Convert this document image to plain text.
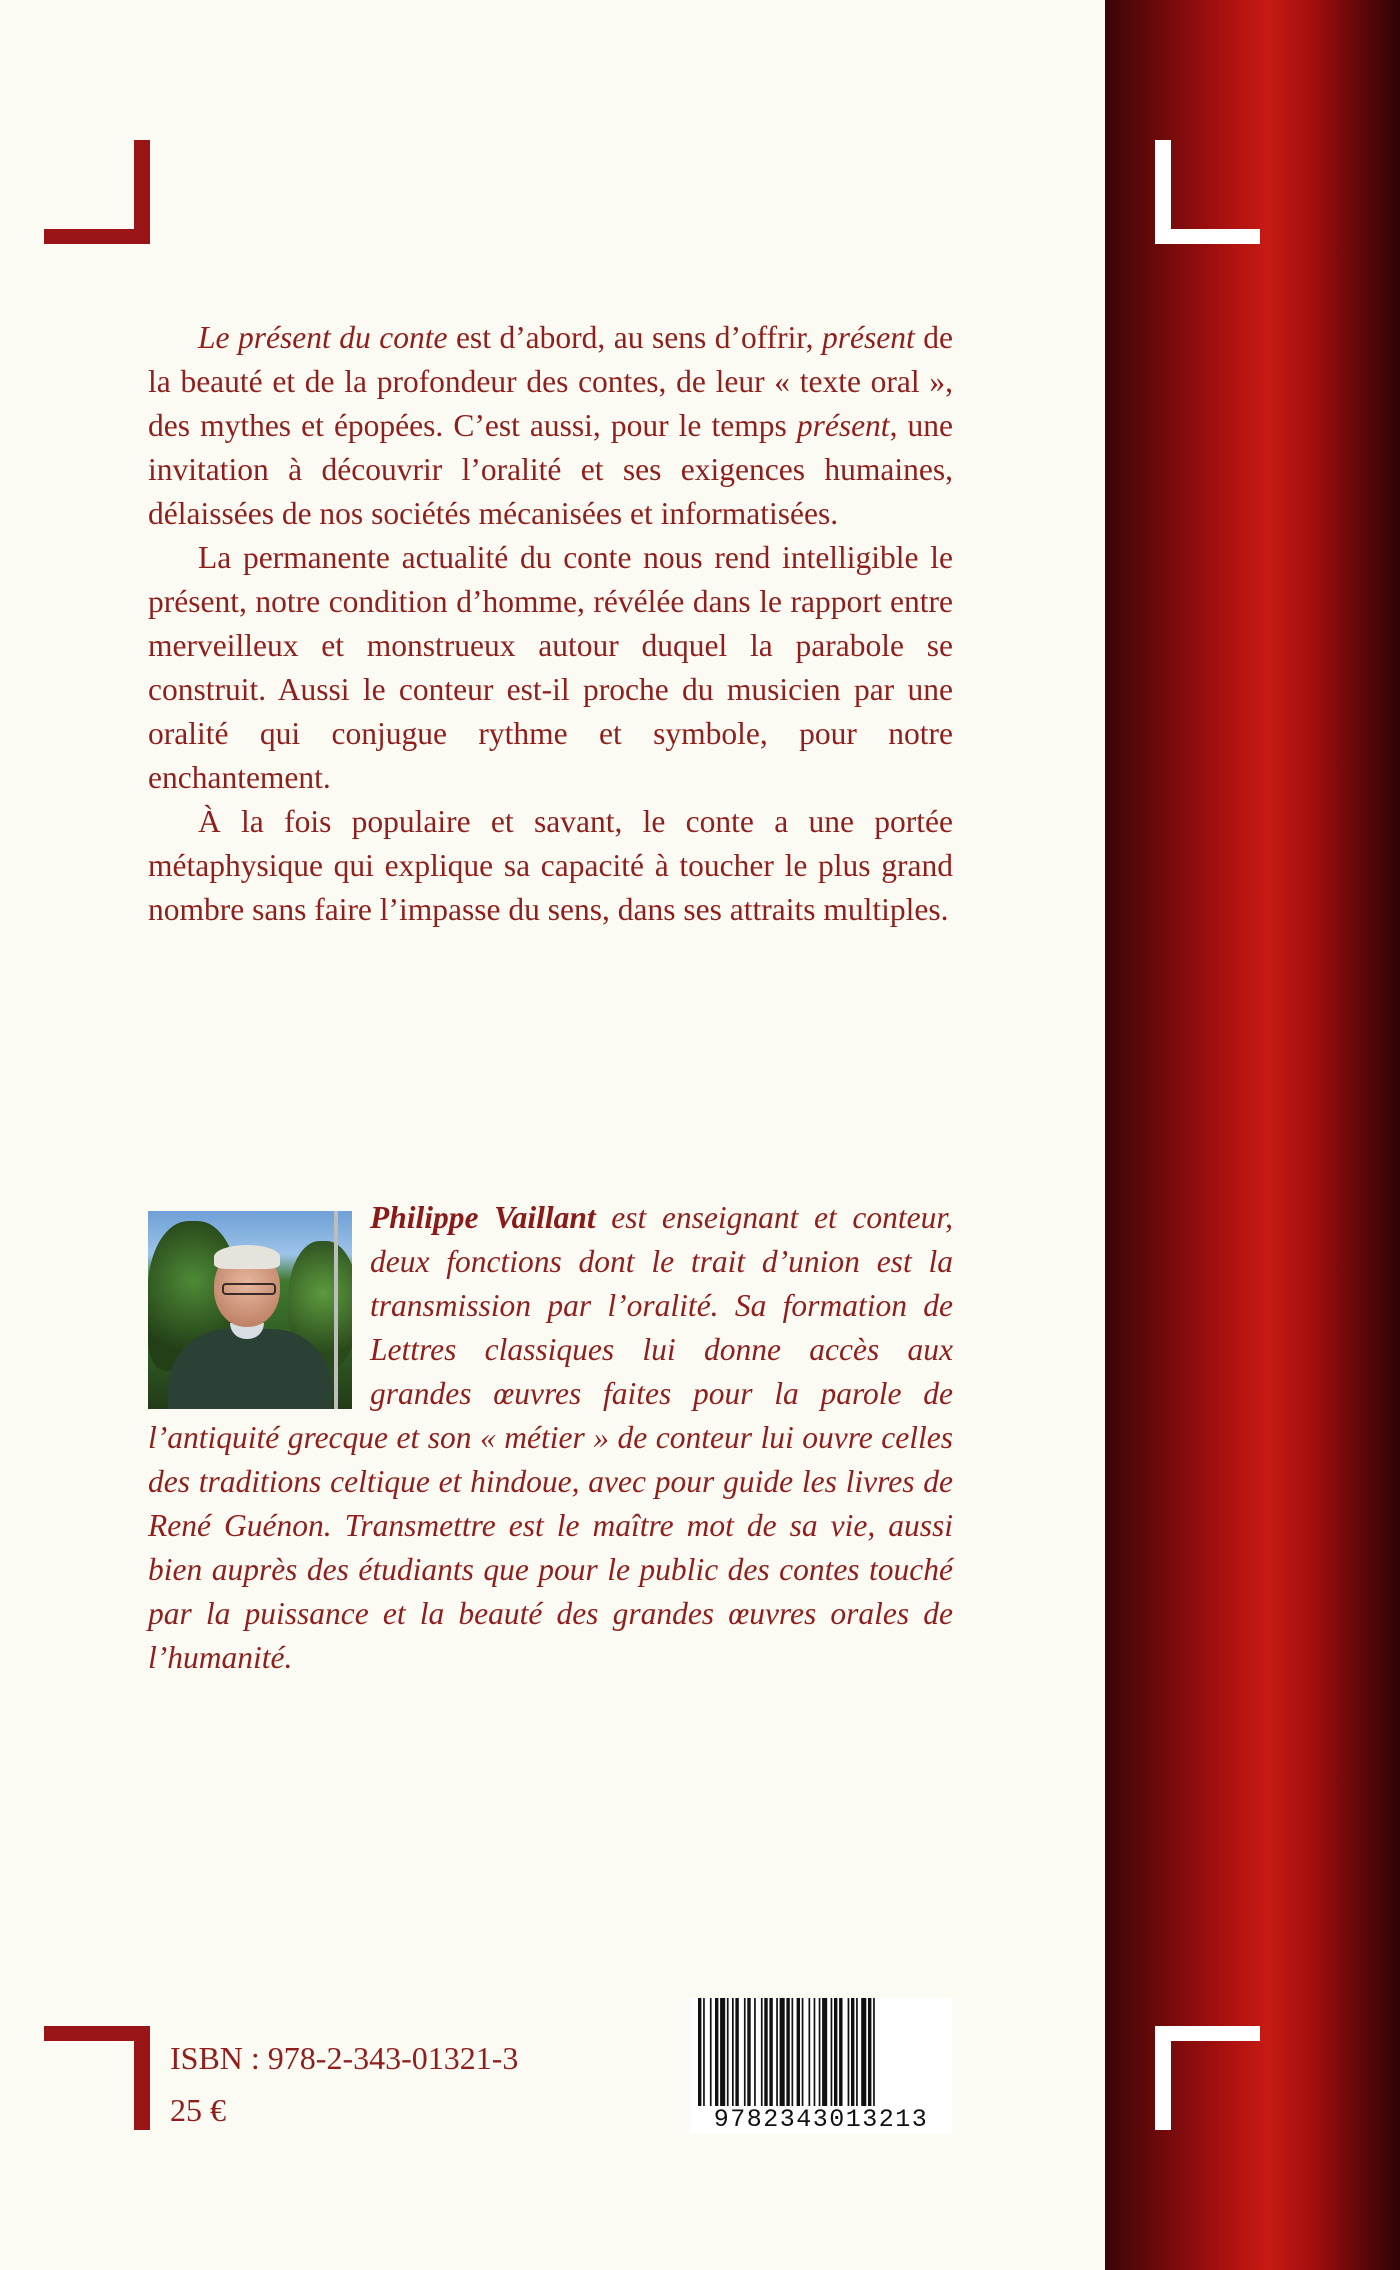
Le présent du conte est d’abord, au sens d’offrir, présent de la beauté et de la profondeur des contes, de leur « texte oral », des mythes et épopées. C’est aussi, pour le temps présent, une invitation à découvrir l’oralité et ses exigences humaines, délaissées de nos sociétés mécanisées et informatisées.

La permanente actualité du conte nous rend intelligible le présent, notre condition d’homme, révélée dans le rapport entre merveilleux et monstrueux autour duquel la parabole se construit. Aussi le conteur est-il proche du musicien par une oralité qui conjugue rythme et symbole, pour notre enchantement.

À la fois populaire et savant, le conte a une portée métaphysique qui explique sa capacité à toucher le plus grand nombre sans faire l’impasse du sens, dans ses attraits multiples.

Philippe Vaillant est enseignant et conteur, deux fonctions dont le trait d’union est la transmission par l’oralité. Sa formation de Lettres classiques lui donne accès aux grandes œuvres faites pour la parole de l’antiquité grecque et son « métier » de conteur lui ouvre celles des traditions celtique et hindoue, avec pour guide les livres de René Guénon. Transmettre est le maître mot de sa vie, aussi bien auprès des étudiants que pour le public des contes touché par la puissance et la beauté des grandes œuvres orales de l’humanité.
ISBN : 978-2-343-01321-3
25 €	9782343013213
